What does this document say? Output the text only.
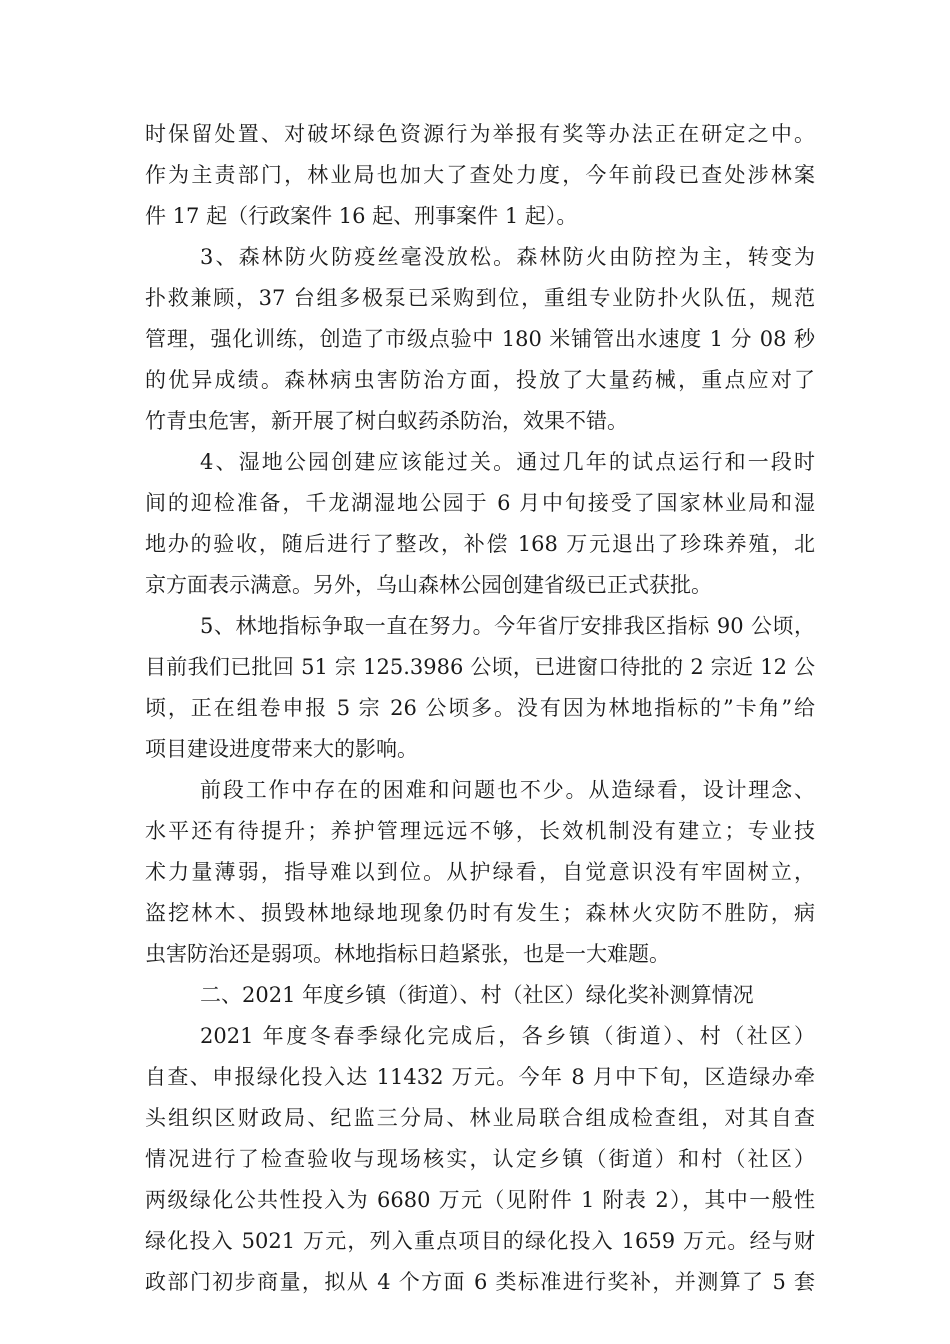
时保留处置、对破坏绿色资源行为举报有奖等办法正在研定之中。
作为主责部门，林业局也加大了查处力度，今年前段已查处涉林案
件 17 起（行政案件 16 起、刑事案件 1 起）。
3、森林防火防疫丝毫没放松。森林防火由防控为主，转变为
扑救兼顾，37 台组多极泵已采购到位，重组专业防扑火队伍，规范
管理，强化训练，创造了市级点验中 180 米铺管出水速度 1 分 08 秒
的优异成绩。森林病虫害防治方面，投放了大量药械，重点应对了
竹青虫危害，新开展了树白蚁药杀防治，效果不错。
4、湿地公园创建应该能过关。通过几年的试点运行和一段时
间的迎检准备，千龙湖湿地公园于 6 月中旬接受了国家林业局和湿
地办的验收，随后进行了整改，补偿 168 万元退出了珍珠养殖，北
京方面表示满意。另外，乌山森林公园创建省级已正式获批。
5、林地指标争取一直在努力。今年省厅安排我区指标 90 公顷，
目前我们已批回 51 宗 125.3986 公顷，已进窗口待批的 2 宗近 12 公
顷，正在组卷申报 5 宗 26 公顷多。没有因为林地指标的”卡角”给
项目建设进度带来大的影响。
前段工作中存在的困难和问题也不少。从造绿看，设计理念、
水平还有待提升；养护管理远远不够，长效机制没有建立；专业技
术力量薄弱，指导难以到位。从护绿看，自觉意识没有牢固树立，
盗挖林木、损毁林地绿地现象仍时有发生；森林火灾防不胜防，病
虫害防治还是弱项。林地指标日趋紧张，也是一大难题。
二、2021 年度乡镇（街道）、村（社区）绿化奖补测算情况
2021 年度冬春季绿化完成后，各乡镇（街道）、村（社区）
自查、申报绿化投入达 11432 万元。今年 8 月中下旬，区造绿办牵
头组织区财政局、纪监三分局、林业局联合组成检查组，对其自查
情况进行了检查验收与现场核实，认定乡镇（街道）和村（社区）
两级绿化公共性投入为 6680 万元（见附件 1 附表 2），其中一般性
绿化投入 5021 万元，列入重点项目的绿化投入 1659 万元。经与财
政部门初步商量，拟从 4 个方面 6 类标准进行奖补，并测算了 5 套
